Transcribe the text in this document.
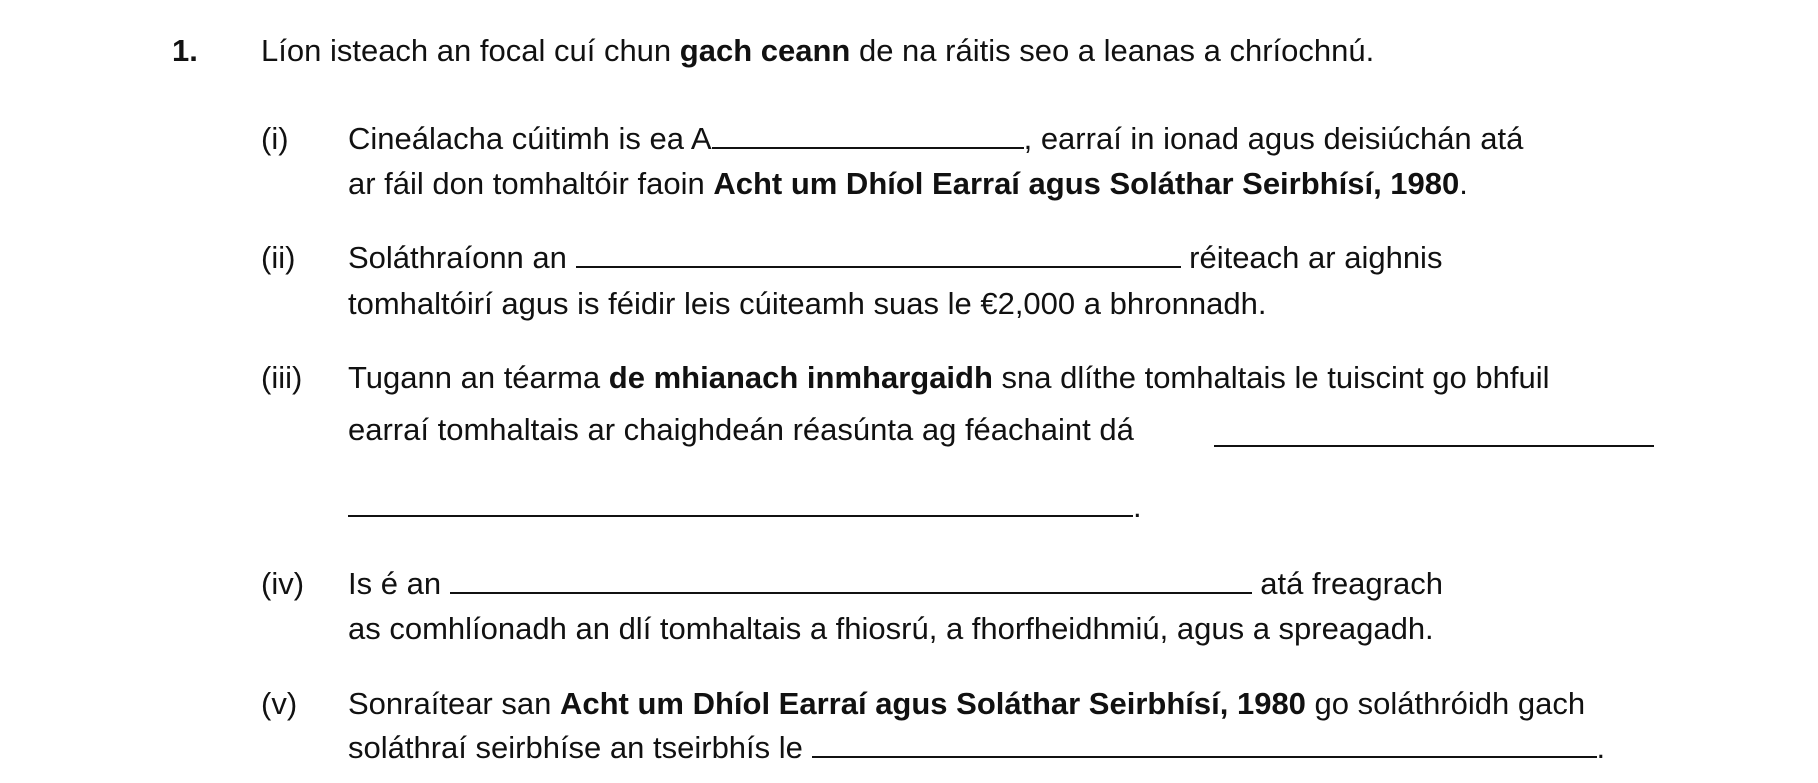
1. Líon isteach an focal cuí chun gach ceann de na ráitis seo a leanas a chríochnú.
(i) Cineálacha cúitimh is ea A	, earraí in ionad agus deisiúchán atá
ar fáil don tomhaltóir faoin Acht um Dhíol Earraí agus Soláthar Seirbhísí, 1980.
(ii) Soláthraíonn an	réiteach ar aighnis
tomhaltóirí agus is féidir leis cúiteamh suas le €2,000 a bhronnadh.
(iii) Tugann an téarma de mhianach inmhargaidh sna dlíthe tomhaltais le tuiscint go bhfuil
earraí tomhaltais ar chaighdeán réasúnta ag féachaint dá
.
(iv) Is é an	atá freagrach
as comhlíonadh an dlí tomhaltais a fhiosrú, a fhorfheidhmiú, agus a spreagadh.
(v) Sonraítear san Acht um Dhíol Earraí agus Soláthar Seirbhísí, 1980 go soláthróidh gach
soláthraí seirbhíse an tseirbhís le	.
